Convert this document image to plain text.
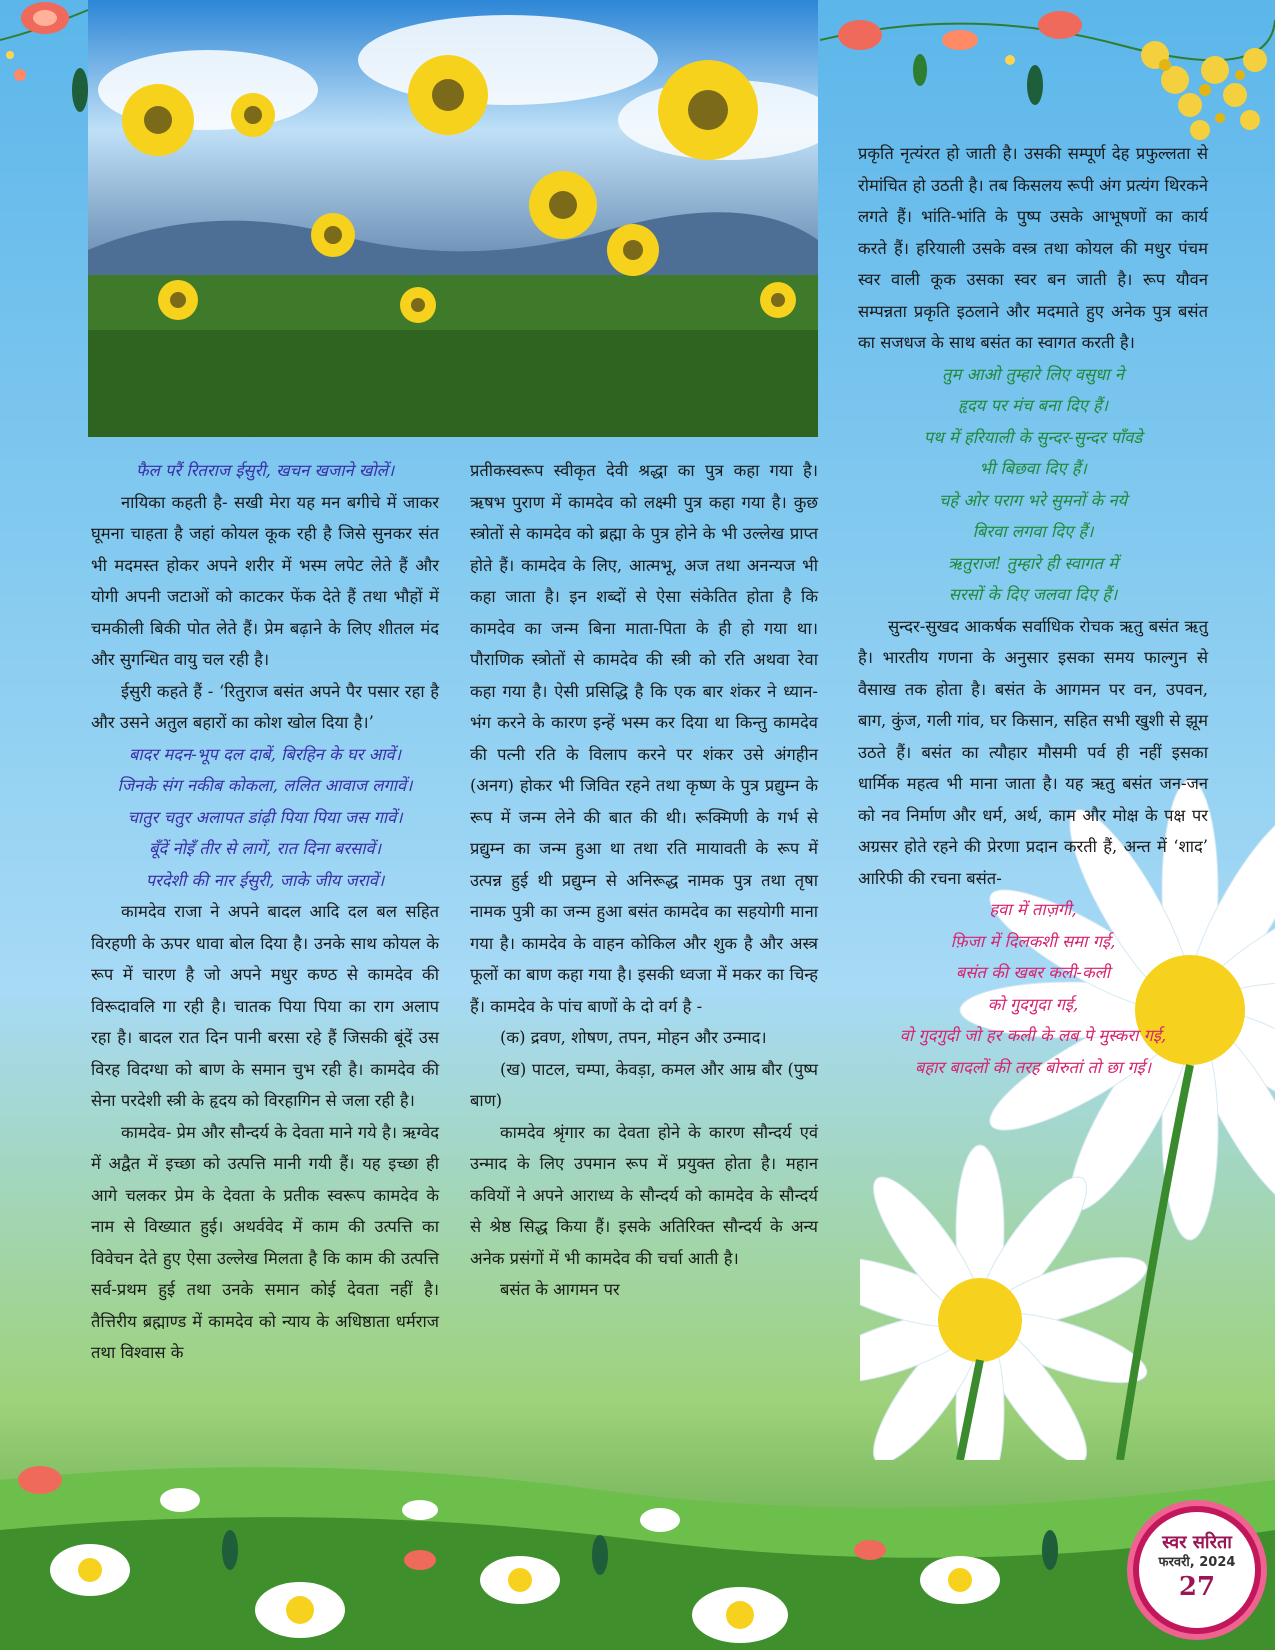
फैल परैं रितराज ईसुरी, खचन खजाने खोलें।

नायिका कहती है- सखी मेरा यह मन बगीचे में जाकर घूमना चाहता है जहां कोयल कूक रही है जिसे सुनकर संत भी मदमस्त होकर अपने शरीर में भस्म लपेट लेते हैं और योगी अपनी जटाओं को काटकर फेंक देते हैं तथा भौहों में चमकीली बिकी पोत लेते हैं। प्रेम बढ़ाने के लिए शीतल मंद और सुगन्धित वायु चल रही है।

ईसुरी कहते हैं - ‘रितुराज बसंत अपने पैर पसार रहा है और उसने अतुल बहारों का कोश खोल दिया है।’

बादर मदन-भूप दल दाबें, बिरहिन के घर आवें।

जिनके संग नकीब कोकला, ललित आवाज लगावें।

चातुर चतुर अलापत डांढ़ी पिया पिया जस गावें।

बूँदें नोइँ तीर से लागें, रात दिना बरसावें।

परदेशी की नार ईसुरी, जाके जीय जरावें।

कामदेव राजा ने अपने बादल आदि दल बल सहित विरहणी के ऊपर धावा बोल दिया है। उनके साथ कोयल के रूप में चारण है जो अपने मधुर कण्ठ से कामदेव की विरूदावलि गा रही है। चातक पिया पिया का राग अलाप रहा है। बादल रात दिन पानी बरसा रहे हैं जिसकी बूंदें उस विरह विदग्धा को बाण के समान चुभ रही है। कामदेव की सेना परदेशी स्त्री के हृदय को विरहागिन से जला रही है।

कामदेव- प्रेम और सौन्दर्य के देवता माने गये है। ऋग्वेद में अद्वैत में इच्छा को उत्पत्ति मानी गयी हैं। यह इच्छा ही आगे चलकर प्रेम के देवता के प्रतीक स्वरूप कामदेव के नाम से विख्यात हुई। अथर्ववेद में काम की उत्पत्ति का विवेचन देते हुए ऐसा उल्लेख मिलता है कि काम की उत्पत्ति सर्व-प्रथम हुई तथा उनके समान कोई देवता नहीं है। तैत्तिरीय ब्रह्माण्ड में कामदेव को न्याय के अधिष्ठाता धर्मराज तथा विश्वास के

प्रतीकस्वरूप स्वीकृत देवी श्रद्धा का पुत्र कहा गया है। ऋषभ पुराण में कामदेव को लक्ष्मी पुत्र कहा गया है। कुछ स्त्रोतों से कामदेव को ब्रह्मा के पुत्र होने के भी उल्लेख प्राप्त होते हैं। कामदेव के लिए, आत्मभू, अज तथा अनन्यज भी कहा जाता है। इन शब्दों से ऐसा संकेतित होता है कि कामदेव का जन्म बिना माता-पिता के ही हो गया था। पौराणिक स्त्रोतों से कामदेव की स्त्री को रति अथवा रेवा कहा गया है। ऐसी प्रसिद्धि है कि एक बार शंकर ने ध्यान-भंग करने के कारण इन्हें भस्म कर दिया था किन्तु कामदेव की पत्नी रति के विलाप करने पर शंकर उसे अंगहीन (अनग) होकर भी जिवित रहने तथा कृष्ण के पुत्र प्रद्युम्न के रूप में जन्म लेने की बात की थी। रूक्मिणी के गर्भ से प्रद्युम्न का जन्म हुआ था तथा रति मायावती के रूप में उत्पन्न हुई थी प्रद्युम्न से अनिरूद्ध नामक पुत्र तथा तृषा नामक पुत्री का जन्म हुआ बसंत कामदेव का सहयोगी माना गया है। कामदेव के वाहन कोकिल और शुक है और अस्त्र फूलों का बाण कहा गया है। इसकी ध्वजा में मकर का चिन्ह हैं। कामदेव के पांच बाणों के दो वर्ग है -

(क) द्रवण, शोषण, तपन, मोहन और उन्माद।

(ख) पाटल, चम्पा, केवड़ा, कमल और आम्र बौर (पुष्प बाण)

कामदेव श्रृंगार का देवता होने के कारण सौन्दर्य एवं उन्माद के लिए उपमान रूप में प्रयुक्त होता है। महान कवियों ने अपने आराध्य के सौन्दर्य को कामदेव के सौन्दर्य से श्रेष्ठ सिद्ध किया हैं। इसके अतिरिक्त सौन्दर्य के अन्य अनेक प्रसंगों में भी कामदेव की चर्चा आती है।

बसंत के आगमन पर

प्रकृति नृत्यंरत हो जाती है। उसकी सम्पूर्ण देह प्रफुल्लता से रोमांचित हो उठती है। तब किसलय रूपी अंग प्रत्यंग थिरकने लगते हैं। भांति-भांति के पुष्प उसके आभूषणों का कार्य करते हैं। हरियाली उसके वस्त्र तथा कोयल की मधुर पंचम स्वर वाली कूक उसका स्वर बन जाती है। रूप यौवन सम्पन्नता प्रकृति इठलाने और मदमाते हुए अनेक पुत्र बसंत का सजधज के साथ बसंत का स्वागत करती है।

तुम आओ तुम्हारे लिए वसुधा ने

हृदय पर मंच बना दिए हैं।

पथ में हरियाली के सुन्दर-सुन्दर पाँवडे

भी बिछवा दिए हैं।

चहे ओर पराग भरे सुमनों के नये

बिरवा लगवा दिए हैं।

ऋतुराज! तुम्हारे ही स्वागत में

सरसों के दिए जलवा दिए हैं।

सुन्दर-सुखद आकर्षक सर्वाधिक रोचक ऋतु बसंत ऋतु है। भारतीय गणना के अनुसार इसका समय फाल्गुन से वैसाख तक होता है। बसंत के आगमन पर वन, उपवन, बाग, कुंज, गली गांव, घर किसान, सहित सभी खुशी से झूम उठते हैं। बसंत का त्यौहार मौसमी पर्व ही नहीं इसका धार्मिक महत्व भी माना जाता है। यह ऋतु बसंत जन-जन को नव निर्माण और धर्म, अर्थ, काम और मोक्ष के पक्ष पर अग्रसर होते रहने की प्रेरणा प्रदान करती हैं, अन्त में ‘शाद’ आरिफी की रचना बसंत-

हवा में ताज़गी,

फ़िजा में दिलकशी समा गई,

बसंत की खबर कली-कली

को गुदगुदा गई,

वो गुदगुदी जो हर कली के लब पे मुस्करा गई,

बहार बादलों की तरह बोरुतां तो छा गई।

स्वर सरिता
फरवरी, 2024
27
